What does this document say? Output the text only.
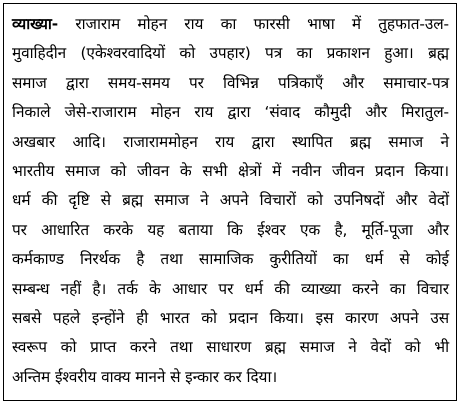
व्याख्या- राजाराम मोहन राय का फारसी भाषा में तुहफात-उल-
मुवाहिदीन (एकेश्वरवादियों को उपहार) पत्र का प्रकाशन हुआ। ब्रह्म
समाज द्वारा समय-समय पर विभिन्न पत्रिकाएँ और समाचार-पत्र
निकाले जेसे-राजाराम मोहन राय द्वारा ‘संवाद कौमुदी और मिरातुल-
अखबार आदि। राजाराममोहन राय द्वारा स्थापित ब्रह्म समाज ने
भारतीय समाज को जीवन के सभी क्षेत्रों में नवीन जीवन प्रदान किया।
धर्म की दृष्टि से ब्रह्म समाज ने अपने विचारों को उपनिषदों और वेदों
पर आधारित करके यह बताया कि ईश्वर एक है, मूर्ति-पूजा और
कर्मकाण्ड निरर्थक है तथा सामाजिक कुरीतियों का धर्म से कोई
सम्बन्ध नहीं है। तर्क के आधार पर धर्म की व्याख्या करने का विचार
सबसे पहले इन्होंने ही भारत को प्रदान किया। इस कारण अपने उस
स्वरूप को प्राप्त करने तथा साधारण ब्रह्म समाज ने वेदों को भी
अन्तिम ईश्वरीय वाक्य मानने से इन्कार कर दिया।
